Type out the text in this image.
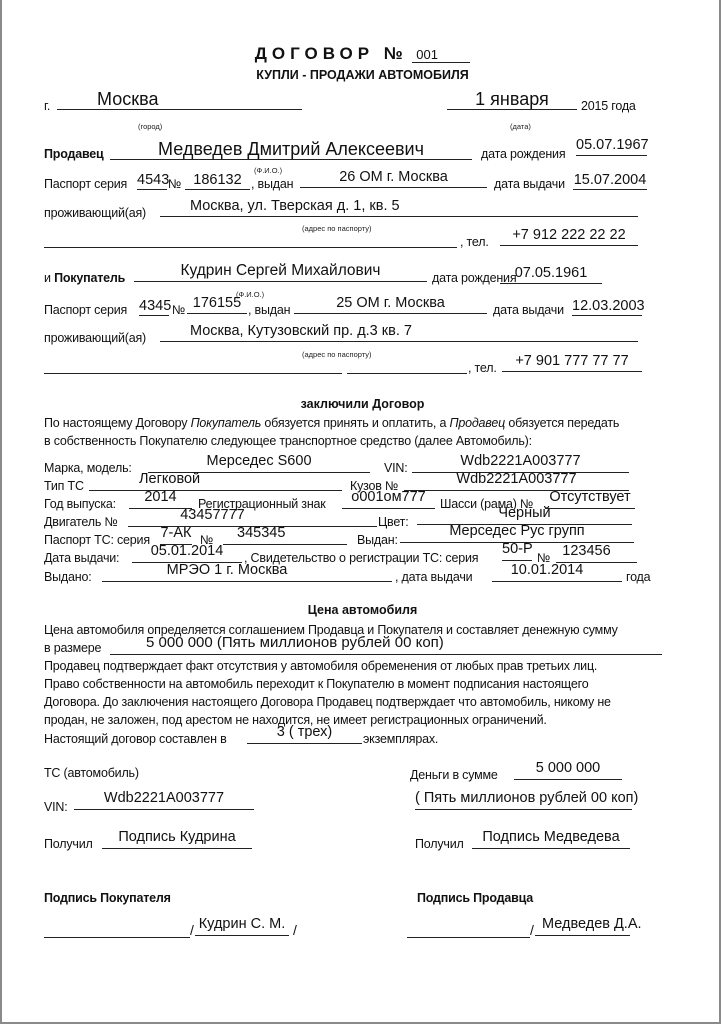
ДОГОВОР № 001
КУПЛИ - ПРОДАЖИ АВТОМОБИЛЯ
г.	Москва
(город)
1 января	2015 года
(дата)
Продавец	Медведев Дмитрий Алексеевич
(Ф.И.О.)
дата рождения
05.07.1967
Паспорт серия 4543
№ 186132 , выдан	26 ОМ г. Москва	дата выдачи 15.07.2004
проживающий(ая)	Москва, ул. Тверская д. 1, кв. 5
(адрес по паспорту)
, тел.	+7 912 222 22 22
и Покупатель	Кудрин Сергей Михайлович
(Ф.И.О.)
дата рождения
07.05.1961
Паспорт серия 4345 № 176155 , выдан	25 ОМ г. Москва	дата выдачи 12.03.2003
проживающий(ая)	Москва, Кутузовский пр. д.3 кв. 7
(адрес по паспорту)
, тел.	+7 901 777 77 77
заключили Договор
По настоящему Договору Покупатель обязуется принять и оплатить, а Продавец обязуется передать
в собственность Покупателю следующее транспортное средство (далее Автомобиль):
Марка, модель:	Мерседес S600	VIN:	Wdb2221A003777
Тип ТС	Легковой	Кузов №	Wdb2221A003777
Год выпуска:	2014	Регистрационный знак	о001ом777	Шасси (рама) № Отсутствует
Двигатель №	43457777	Цвет:
Черный
Паспорт ТС: серия 7-АК №	345345	Выдан:
Мерседес Рус групп
Дата выдачи:	05.01.2014	, Свидетельство о регистрации ТС: серия
50-Р
№ 123456
Выдано:	МРЭО 1 г. Москва	, дата выдачи	10.01.2014	года
Цена автомобиля
Цена автомобиля определяется соглашением Продавца и Покупателя и составляет денежную сумму
в размере	5 000 000 (Пять миллионов рублей 00 коп)
Продавец подтверждает факт отсутствия у автомобиля обременения от любых прав третьих лиц.
Право собственности на автомобиль переходит к Покупателю в момент подписания настоящего
Договора. До заключения настоящего Договора Продавец подтверждает что автомобиль, никому не
продан, не заложен, под арестом не находится, не имеет регистрационных ограничений.
Настоящий договор составлен в	3 ( трех)	экземплярах.
ТС (автомобиль)	Деньги в сумме	5 000 000
VIN:
Wdb2221A003777	( Пять миллионов рублей 00 коп)
Получил	Подпись Кудрина	Получил	Подпись Медведева
Подпись Покупателя	Подпись Продавца
/ Кудрин С. М. /	/ Медведев Д.А.
